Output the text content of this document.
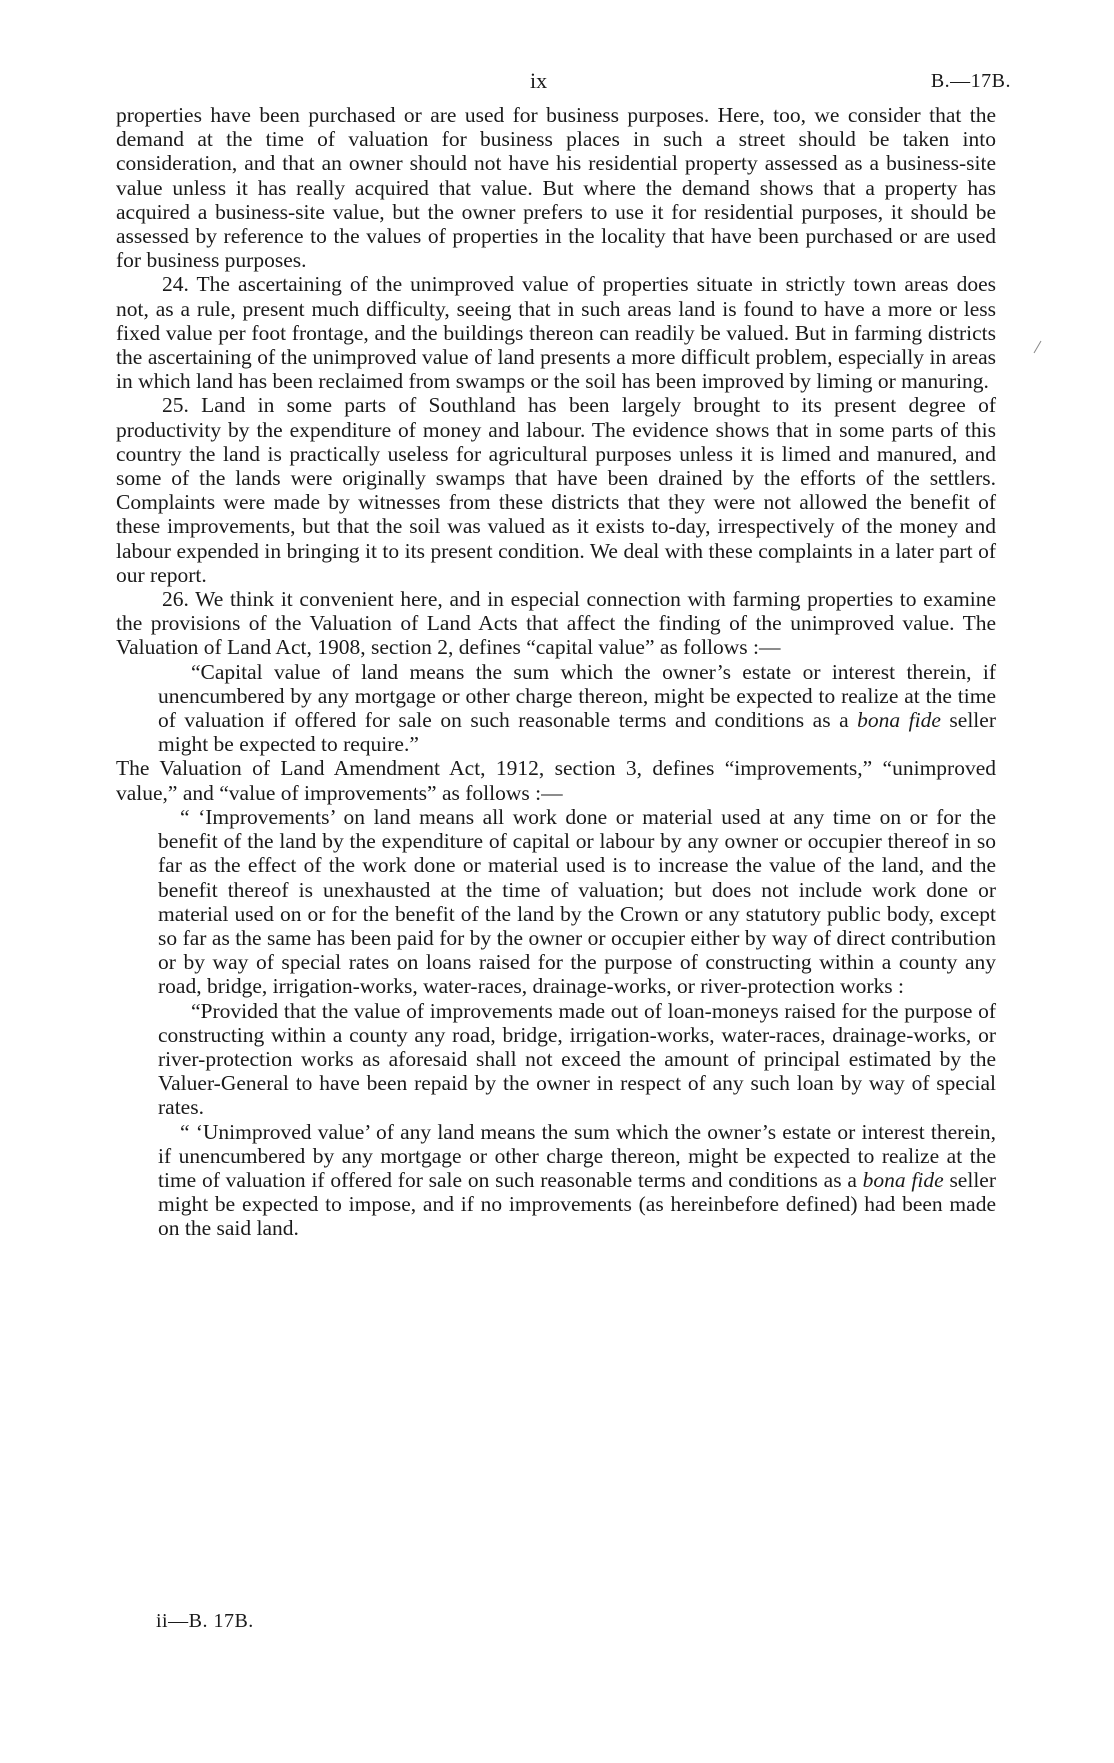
ix	B.—17B.

properties have been purchased or are used for business purposes. Here, too, we consider that the demand at the time of valuation for business places in such a street should be taken into consideration, and that an owner should not have his residential property assessed as a business-site value unless it has really acquired that value. But where the demand shows that a property has acquired a business-site value, but the owner prefers to use it for residential purposes, it should be assessed by reference to the values of properties in the locality that have been purchased or are used for business purposes.

24. The ascertaining of the unimproved value of properties situate in strictly town areas does not, as a rule, present much difficulty, seeing that in such areas land is found to have a more or less fixed value per foot frontage, and the buildings thereon can readily be valued. But in farming districts the ascertaining of the unimproved value of land presents a more difficult problem, especially in areas in which land has been reclaimed from swamps or the soil has been improved by liming or manuring.

25. Land in some parts of Southland has been largely brought to its present degree of productivity by the expenditure of money and labour. The evidence shows that in some parts of this country the land is practically useless for agricultural purposes unless it is limed and manured, and some of the lands were originally swamps that have been drained by the efforts of the settlers. Complaints were made by witnesses from these districts that they were not allowed the benefit of these improvements, but that the soil was valued as it exists to-day, irrespectively of the money and labour expended in bringing it to its present condition. We deal with these complaints in a later part of our report.

26. We think it convenient here, and in especial connection with farming properties to examine the provisions of the Valuation of Land Acts that affect the finding of the unimproved value. The Valuation of Land Act, 1908, section 2, defines “capital value” as follows :—

“Capital value of land means the sum which the owner’s estate or interest therein, if unencumbered by any mortgage or other charge thereon, might be expected to realize at the time of valuation if offered for sale on such reasonable terms and conditions as a bona fide seller might be expected to require.”

The Valuation of Land Amendment Act, 1912, section 3, defines “improvements,” “unimproved value,” and “value of improvements” as follows :—

“ ‘Improvements’ on land means all work done or material used at any time on or for the benefit of the land by the expenditure of capital or labour by any owner or occupier thereof in so far as the effect of the work done or material used is to increase the value of the land, and the benefit thereof is unexhausted at the time of valuation; but does not include work done or material used on or for the benefit of the land by the Crown or any statutory public body, except so far as the same has been paid for by the owner or occupier either by way of direct contribution or by way of special rates on loans raised for the purpose of constructing within a county any road, bridge, irrigation-works, water-races, drainage-works, or river-protection works :

“Provided that the value of improvements made out of loan-moneys raised for the purpose of constructing within a county any road, bridge, irrigation-works, water-races, drainage-works, or river-protection works as aforesaid shall not exceed the amount of principal estimated by the Valuer-General to have been repaid by the owner in respect of any such loan by way of special rates.

“ ‘Unimproved value’ of any land means the sum which the owner’s estate or interest therein, if unencumbered by any mortgage or other charge thereon, might be expected to realize at the time of valuation if offered for sale on such reasonable terms and conditions as a bona fide seller might be expected to impose, and if no improvements (as hereinbefore defined) had been made on the said land.

ii—B. 17B.
